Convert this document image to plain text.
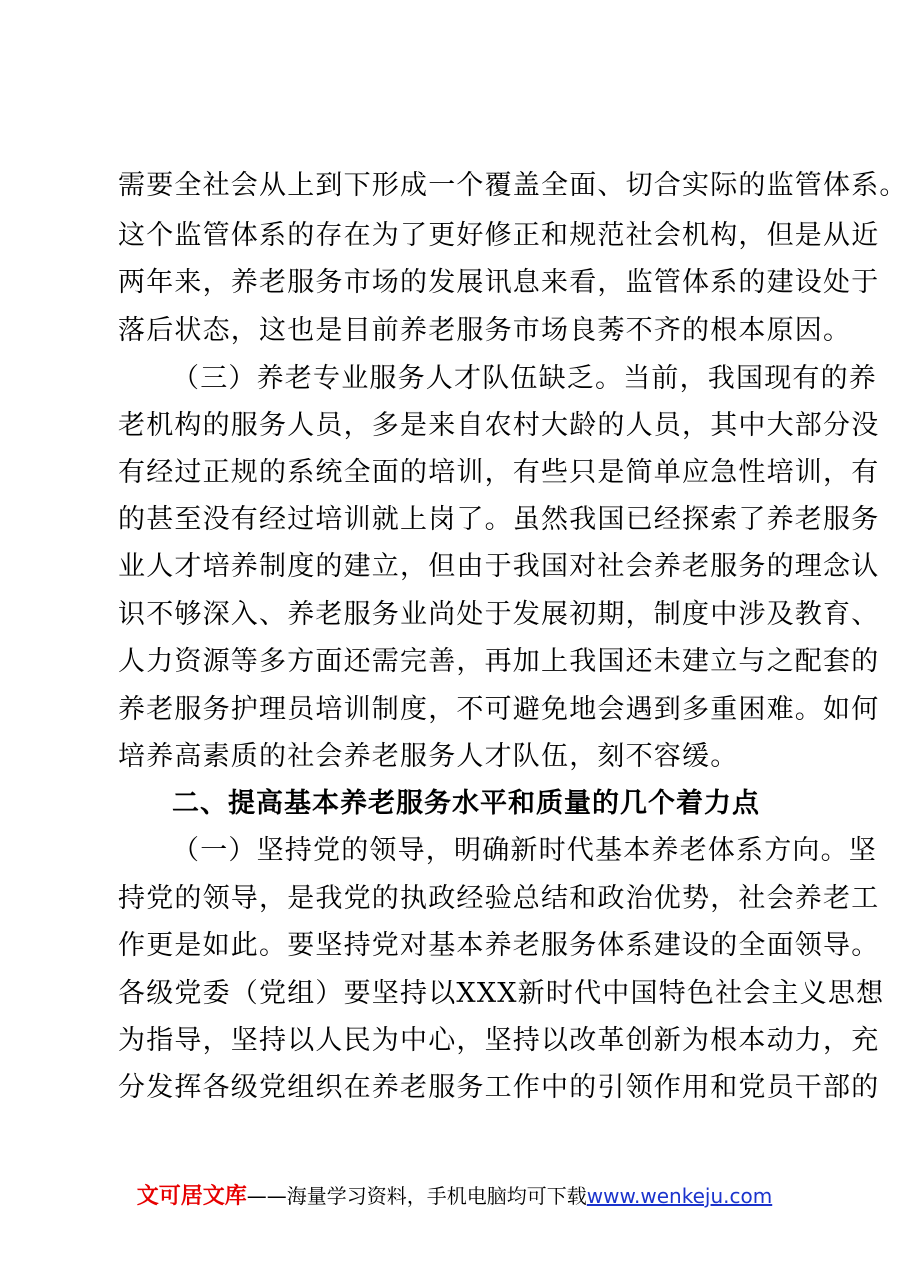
需要全社会从上到下形成一个覆盖全面、切合实际的监管体系。
这个监管体系的存在为了更好修正和规范社会机构，但是从近
两年来，养老服务市场的发展讯息来看，监管体系的建设处于
落后状态，这也是目前养老服务市场良莠不齐的根本原因。
（三）养老专业服务人才队伍缺乏。当前，我国现有的养
老机构的服务人员，多是来自农村大龄的人员，其中大部分没
有经过正规的系统全面的培训，有些只是简单应急性培训，有
的甚至没有经过培训就上岗了。虽然我国已经探索了养老服务
业人才培养制度的建立，但由于我国对社会养老服务的理念认
识不够深入、养老服务业尚处于发展初期，制度中涉及教育、
人力资源等多方面还需完善，再加上我国还未建立与之配套的
养老服务护理员培训制度，不可避免地会遇到多重困难。如何
培养高素质的社会养老服务人才队伍，刻不容缓。
二、提高基本养老服务水平和质量的几个着力点
（一）坚持党的领导，明确新时代基本养老体系方向。坚
持党的领导，是我党的执政经验总结和政治优势，社会养老工
作更是如此。要坚持党对基本养老服务体系建设的全面领导。
各级党委（党组）要坚持以XXX新时代中国特色社会主义思想
为指导，坚持以人民为中心，坚持以改革创新为根本动力，充
分发挥各级党组织在养老服务工作中的引领作用和党员干部的
文可居文库——海量学习资料，手机电脑均可下载www.wenkeju.com
